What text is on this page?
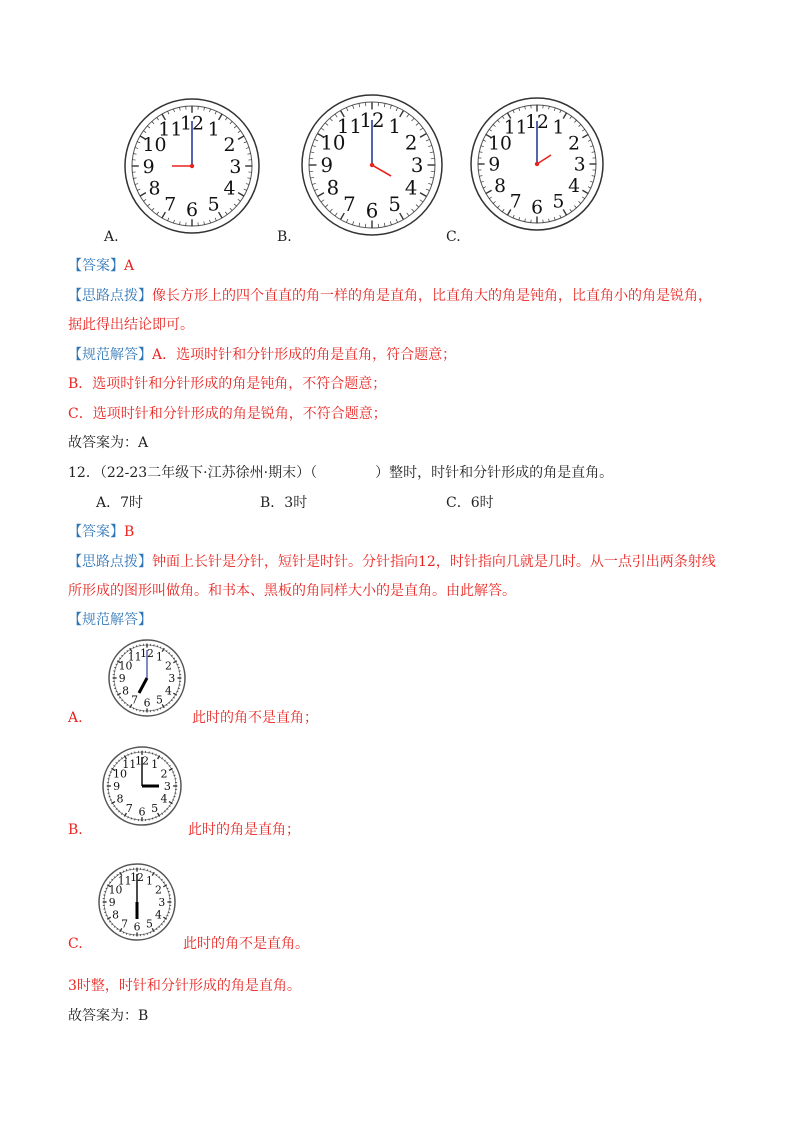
12 1
2
3
4
5
6
7
8
9
10
11
A.
12 1
2
3
4
5
6
7
8
9
10
11
B.
12 1
2
3
4
5
6
7
8
9
10
11
C.
【答案】A
【思路点拨】像长方形上的四个直直的角一样的角是直角，比直角大的角是钝角，比直角小的角是锐角，
据此得出结论即可。
【规范解答】A．选项时针和分针形成的角是直角，符合题意；
B．选项时针和分针形成的角是钝角，不符合题意；
C．选项时针和分针形成的角是锐角，不符合题意；
故答案为：A
12．（22-23二年级下·江苏徐州·期末）（	）整时，时针和分针形成的角是直角。
A．7时	B．3时	C．6时
【答案】B
【思路点拨】钟面上长针是分针，短针是时针。分针指向12，时针指向几就是几时。从一点引出两条射线
所形成的图形叫做角。和书本、黑板的角同样大小的是直角。由此解答。
【规范解答】
12 1
2
3
4
5
6
7
8
9
10
11
A.	此时的角不是直角；
12 1
2
3
4
5
6
7
8
9
10
11
B.	此时的角是直角；
12 1
2
3
4
5
6
7
8
9
10
11
C.	此时的角不是直角。
3时整，时针和分针形成的角是直角。
故答案为：B
